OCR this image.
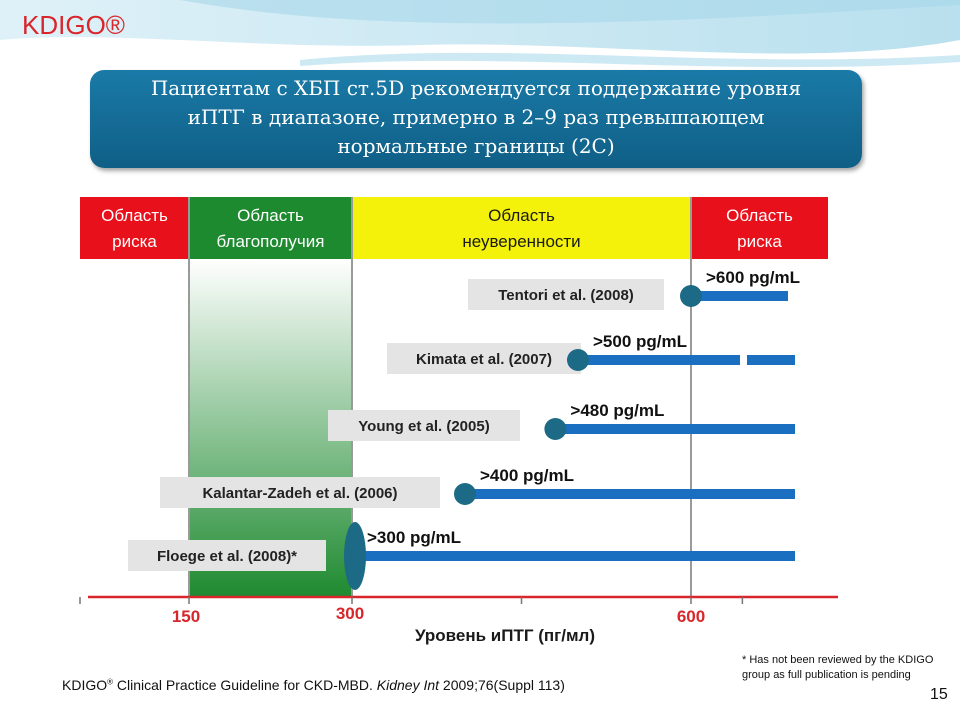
KDIGO®
Пациентам с ХБП ст.5D рекомендуется поддержание уровня
иПТГ в диапазоне, примерно в 2–9 раз превышающем
нормальные границы (2С)
Область
риска
Область
благополучия
Область
неуверенности
Область
риска
150	300	600
Уровень иПТГ (пг/мл)
Tentori et al. (2008)
>600 pg/mL
Kimata et al. (2007)
>500 pg/mL
Young et al. (2005)
>480 pg/mL
Kalantar-Zadeh et al. (2006)
>400 pg/mL
Floege et al. (2008)*
>300 pg/mL
KDIGO® Clinical Practice Guideline for CKD-MBD. Kidney Int 2009;76(Suppl 113)
* Has not been reviewed by the KDIGO group as full publication is pending
15
